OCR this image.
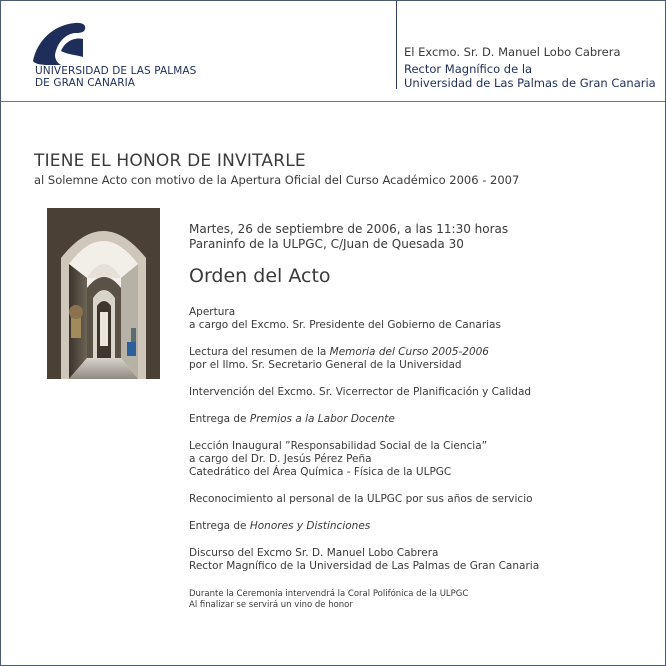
UNIVERSIDAD DE LAS PALMAS
DE GRAN CANARIA
El Excmo. Sr. D. Manuel Lobo Cabrera
Rector Magnífico de la
Universidad de Las Palmas de Gran Canaria
TIENE EL HONOR DE INVITARLE
al Solemne Acto con motivo de la Apertura Oficial del Curso Académico 2006 - 2007
Martes, 26 de septiembre de 2006, a las 11:30 horas
Paraninfo de la ULPGC, C/Juan de Quesada 30
Orden del Acto
Apertura
a cargo del Excmo. Sr. Presidente del Gobierno de Canarias
Lectura del resumen de la Memoria del Curso 2005-2006
por el Ilmo. Sr. Secretario General de la Universidad
Intervención del Excmo. Sr. Vicerrector de Planificación y Calidad
Entrega de Premios a la Labor Docente
Lección Inaugural ”Responsabilidad Social de la Ciencia”
a cargo del Dr. D. Jesús Pérez Peña
Catedrático del Área Química - Física de la ULPGC
Reconocimiento al personal de la ULPGC por sus años de servicio
Entrega de Honores y Distinciones
Discurso del Excmo Sr. D. Manuel Lobo Cabrera
Rector Magnífico de la Universidad de Las Palmas de Gran Canaria
Durante la Ceremonia intervendrá la Coral Polifónica de la ULPGC
Al finalizar se servirá un vino de honor
